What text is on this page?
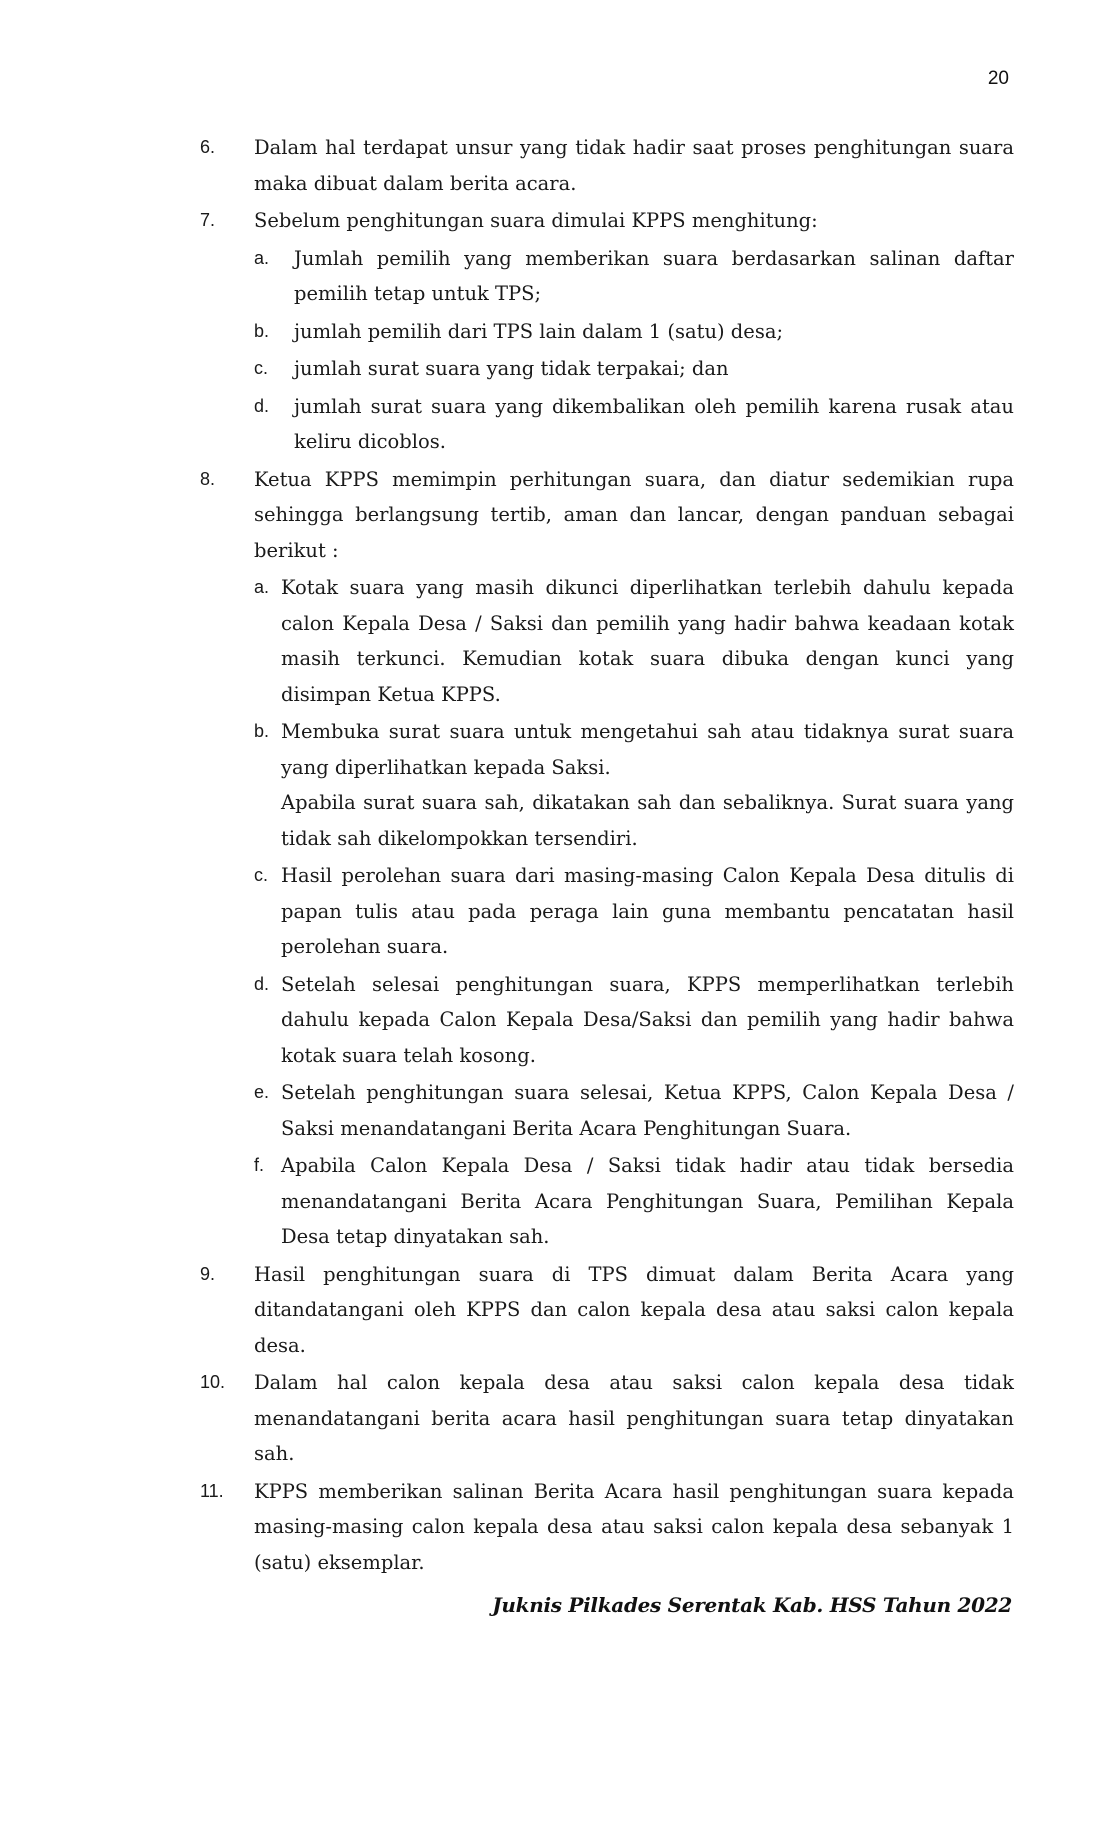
20
6. Dalam hal terdapat unsur yang tidak hadir saat proses penghitungan suara maka dibuat dalam berita acara.
7. Sebelum penghitungan suara dimulai KPPS menghitung:
a. Jumlah pemilih yang memberikan suara berdasarkan salinan daftar pemilih tetap untuk TPS;
b. jumlah pemilih dari TPS lain dalam 1 (satu) desa;
c. jumlah surat suara yang tidak terpakai; dan
d. jumlah surat suara yang dikembalikan oleh pemilih karena rusak atau keliru dicoblos.
8. Ketua KPPS memimpin perhitungan suara, dan diatur sedemikian rupa sehingga berlangsung tertib, aman dan lancar, dengan panduan sebagai berikut :
a. Kotak suara yang masih dikunci diperlihatkan terlebih dahulu kepada calon Kepala Desa / Saksi dan pemilih yang hadir bahwa keadaan kotak masih terkunci. Kemudian kotak suara dibuka dengan kunci yang disimpan Ketua KPPS.
b. Membuka surat suara untuk mengetahui sah atau tidaknya surat suara yang diperlihatkan kepada Saksi.
Apabila surat suara sah, dikatakan sah dan sebaliknya. Surat suara yang tidak sah dikelompokkan tersendiri.
c. Hasil perolehan suara dari masing-masing Calon Kepala Desa ditulis di papan tulis atau pada peraga lain guna membantu pencatatan hasil perolehan suara.
d. Setelah selesai penghitungan suara, KPPS memperlihatkan terlebih dahulu kepada Calon Kepala Desa/Saksi dan pemilih yang hadir bahwa kotak suara telah kosong.
e. Setelah penghitungan suara selesai, Ketua KPPS, Calon Kepala Desa / Saksi menandatangani Berita Acara Penghitungan Suara.
f. Apabila Calon Kepala Desa / Saksi tidak hadir atau tidak bersedia menandatangani Berita Acara Penghitungan Suara, Pemilihan Kepala Desa tetap dinyatakan sah.
9. Hasil penghitungan suara di TPS dimuat dalam Berita Acara yang ditandatangani oleh KPPS dan calon kepala desa atau saksi calon kepala desa.
10. Dalam hal calon kepala desa atau saksi calon kepala desa tidak menandatangani berita acara hasil penghitungan suara tetap dinyatakan sah.
11. KPPS memberikan salinan Berita Acara hasil penghitungan suara kepada masing-masing calon kepala desa atau saksi calon kepala desa sebanyak 1 (satu) eksemplar.
Juknis Pilkades Serentak Kab. HSS Tahun 2022
